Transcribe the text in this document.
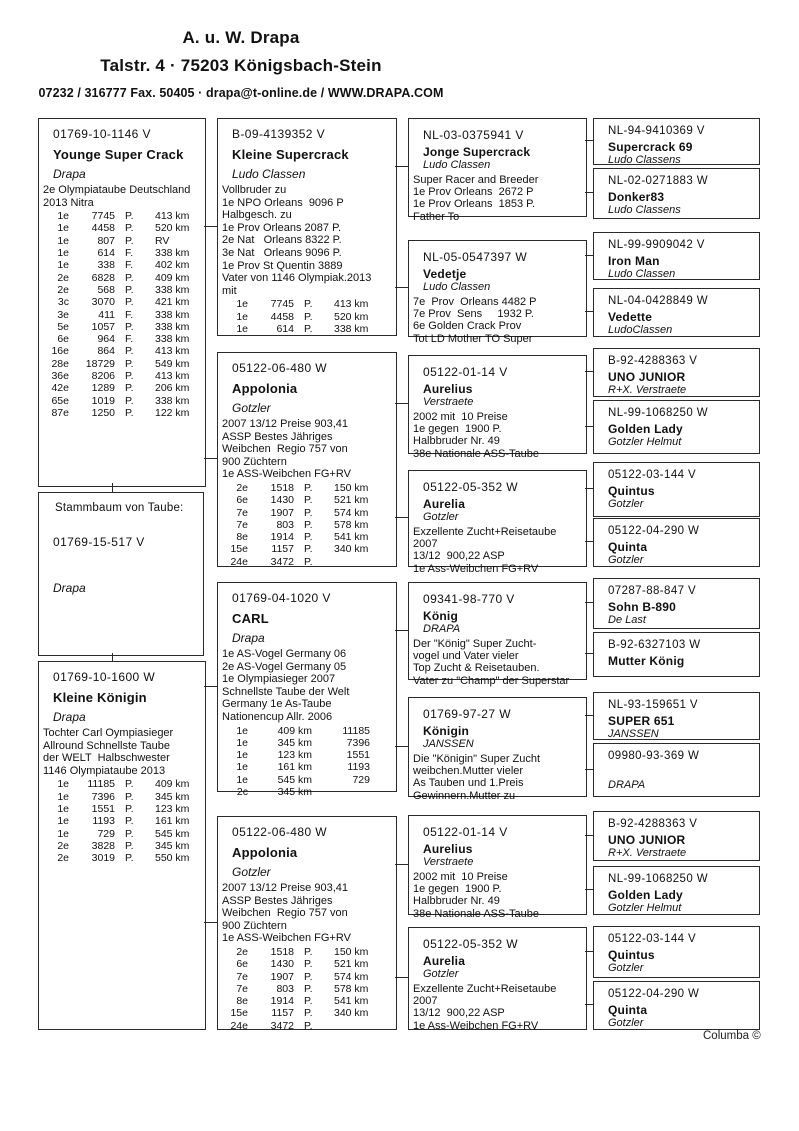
A. u. W. Drapa
Talstr. 4 · 75203 Königsbach-Stein
07232 / 316777 Fax. 50405 · drapa@t-online.de / WWW.DRAPA.COM
01769-10-1146 V
Younge Super Crack
Drapa
2e Olympiataube Deutschland
2013 Nitra
1e	7745 P.	413 km
1e	4458 P.	520 km
1e	807 P.	RV
1e	614 F.	338 km
1e	338 F.	402 km
2e	6828 P.	409 km
2e	568 P.	338 km
3c	3070 P.	421 km
3e	411 F.	338 km
5e	1057 P.	338 km
6e	964 F.	338 km
16e	864 P.	413 km
28e	18729 P.	549 km
36e	8206 P.	413 km
42e	1289 P.	206 km
65e	1019 P.	338 km
87e	1250 P.	122 km
Stammbaum von Taube:
01769-15-517 V
Drapa
01769-10-1600 W
Kleine Königin
Drapa
Tochter Carl Oympiasieger
Allround Schnellste Taube
der WELT  Halbschwester
1146 Olympiataube 2013
1e	11185 P.	409 km
1e	7396 P.	345 km
1e	1551 P.	123 km
1e	1193 P.	161 km
1e	729 P.	545 km
2e	3828 P.	345 km
2e	3019 P.	550 km
B-09-4139352 V
Kleine Supercrack
Ludo Classen
Vollbruder zu
1e NPO Orleans  9096 P
Halbgesch. zu
1e Prov Orleans 2087 P.
2e Nat   Orleans 8322 P.
3e Nat   Orleans 9096 P.
1e Prov St Quentin 3889
Vater von 1146 Olympiak.2013
mit
1e	7745 P.	413 km
1e	4458 P.	520 km
1e	614 P.	338 km
05122-06-480 W
Appolonia
Gotzler
2007 13/12 Preise 903,41
ASSP Bestes Jähriges
Weibchen  Regio 757 von
900 Züchtern
1e ASS-Weibchen FG+RV
2e	1518 P.	150 km
6e	1430 P.	521 km
7e	1907 P.	574 km
7e	803 P.	578 km
8e	1914 P.	541 km
15e	1157 P.	340 km
24e	3472 P.
01769-04-1020 V
CARL
Drapa
1e AS-Vogel Germany 06
2e AS-Vogel Germany 05
1e Olympiasieger 2007
Schnellste Taube der Welt
Germany 1e As-Taube
Nationencup Allr. 2006
1e	409 km	11185
1e	345 km	7396
1e	123 km	1551
1e	161 km	1193
1e	545 km	729
2c	345 km
05122-06-480 W
Appolonia
Gotzler
2007 13/12 Preise 903,41
ASSP Bestes Jähriges
Weibchen  Regio 757 von
900 Züchtern
1e ASS-Weibchen FG+RV
2e	1518 P.	150 km
6e	1430 P.	521 km
7e	1907 P.	574 km
7e	803 P.	578 km
8e	1914 P.	541 km
15e	1157 P.	340 km
24e	3472 P.
NL-03-0375941 V
Jonge Supercrack
Ludo Classen
Super Racer and Breeder
1e Prov Orleans  2672 P
1e Prov Orleans  1853 P.
Father To
NL-05-0547397 W
Vedetje
Ludo Classen
7e  Prov  Orleans 4482 P
7e Prov  Sens     1932 P.
6e Golden Crack Prov
Tot LD Mother TO Super
05122-01-14 V
Aurelius
Verstraete
2002 mit  10 Preise
1e gegen  1900 P.
Halbbruder Nr. 49
38e Nationale ASS-Taube
05122-05-352 W
Aurelia
Gotzler
Exzellente Zucht+Reisetaube
2007
13/12  900,22 ASP
1e Ass-Weibchen FG+RV
09341-98-770 V
König
DRAPA
Der "König" Super Zucht-
vogel und Vater vieler
Top Zucht & Reisetauben.
Vater zu "Champ" der Superstar
01769-97-27 W
Königin
JANSSEN
Die "Königin" Super Zucht
weibchen.Mutter vieler
As Tauben und 1.Preis
Gewinnern.Mutter zu
05122-01-14 V
Aurelius
Verstraete
2002 mit  10 Preise
1e gegen  1900 P.
Halbbruder Nr. 49
38e Nationale ASS-Taube
05122-05-352 W
Aurelia
Gotzler
Exzellente Zucht+Reisetaube
2007
13/12  900,22 ASP
1e Ass-Weibchen FG+RV
NL-94-9410369 V
Supercrack 69
Ludo Classens
NL-02-0271883 W
Donker83
Ludo Classens
NL-99-9909042 V
Iron Man
Ludo Classen
NL-04-0428849 W
Vedette
LudoClassen
B-92-4288363 V
UNO JUNIOR
R+X. Verstraete
NL-99-1068250 W
Golden Lady
Gotzler Helmut
05122-03-144 V
Quintus
Gotzler
05122-04-290 W
Quinta
Gotzler
07287-88-847 V
Sohn B-890
De Last
B-92-6327103 W
Mutter König
NL-93-159651 V
SUPER 651
JANSSEN
09980-93-369 W
DRAPA
B-92-4288363 V
UNO JUNIOR
R+X. Verstraete
NL-99-1068250 W
Golden Lady
Gotzler Helmut
05122-03-144 V
Quintus
Gotzler
05122-04-290 W
Quinta
Gotzler
Columba ©
